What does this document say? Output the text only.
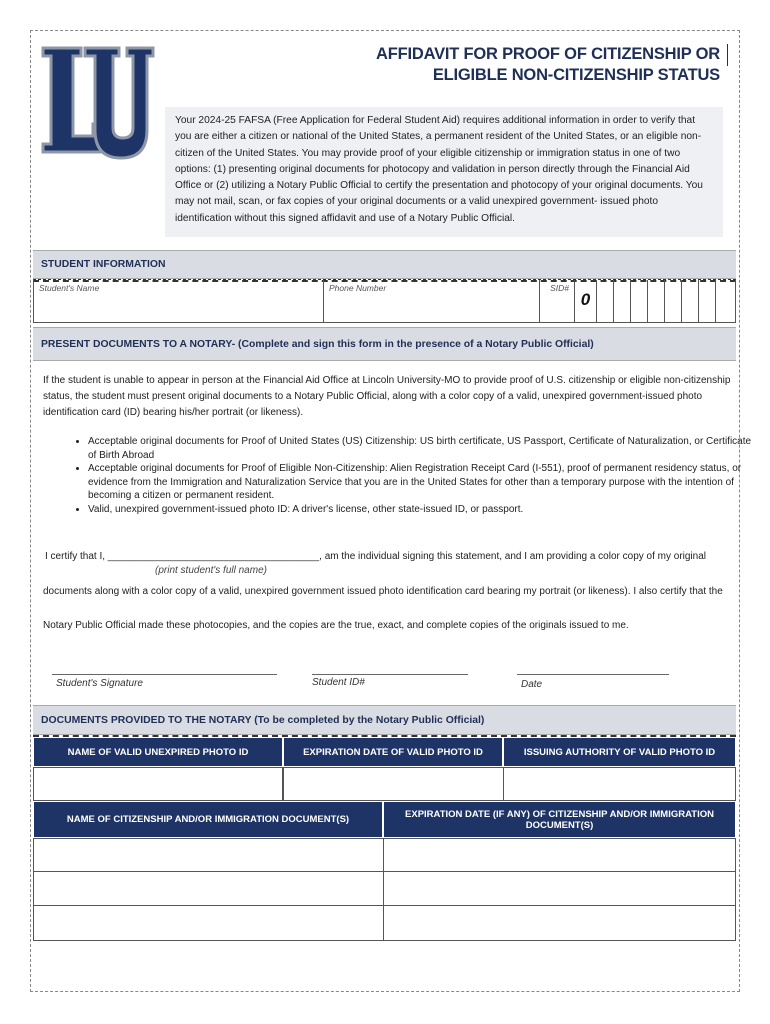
AFFIDAVIT FOR PROOF OF CITIZENSHIP OR
ELIGIBLE NON-CITIZENSHIP STATUS
Your 2024-25 FAFSA (Free Application for Federal Student Aid) requires additional information in order to verify that you are either a citizen or national of the United States, a permanent resident of the United States, or an eligible non-citizen of the United States. You may provide proof of your eligible citizenship or immigration status in one of two options: (1) presenting original documents for photocopy and validation in person directly through the Financial Aid Office or (2) utilizing a Notary Public Official to certify the presentation and photocopy of your original documents. You may not mail, scan, or fax copies of your original documents or a valid unexpired government- issued photo identification without this signed affidavit and use of a Notary Public Official.
STUDENT INFORMATION
Student's Name	Phone Number	SID#
0
PRESENT DOCUMENTS TO A NOTARY- (Complete and sign this form in the presence of a Notary Public Official)
If the student is unable to appear in person at the Financial Aid Office at Lincoln University-MO to provide proof of U.S. citizenship or eligible non-citizenship status, the student must present original documents to a Notary Public Official, along with a color copy of a valid, unexpired government-issued photo identification card (ID) bearing his/her portrait (or likeness).
• Acceptable original documents for Proof of United States (US) Citizenship: US birth certificate, US Passport, Certificate of Naturalization, or Certificate of Birth Abroad
• Acceptable original documents for Proof of Eligible Non-Citizenship: Alien Registration Receipt Card (I-551), proof of permanent residency status, or evidence from the Immigration and Naturalization Service that you are in the United States for other than a temporary purpose with the intention of becoming a citizen or permanent resident.
• Valid, unexpired government-issued photo ID: A driver's license, other state-issued ID, or passport.
I certify that I, ______________________________________, am the individual signing this statement, and I am providing a color copy of my original
(print student's full name)
documents along with a color copy of a valid, unexpired government issued photo identification card bearing my portrait (or likeness). I also certify that the
Notary Public Official made these photocopies, and the copies are the true, exact, and complete copies of the originals issued to me.
Student's Signature	Student ID#	Date
DOCUMENTS PROVIDED TO THE NOTARY (To be completed by the Notary Public Official)
NAME OF VALID UNEXPIRED PHOTO ID	EXPIRATION DATE OF VALID PHOTO ID	ISSUING AUTHORITY OF VALID PHOTO ID
NAME OF CITIZENSHIP AND/OR IMMIGRATION DOCUMENT(S)	EXPIRATION DATE (IF ANY) OF CITIZENSHIP AND/OR IMMIGRATION DOCUMENT(S)
